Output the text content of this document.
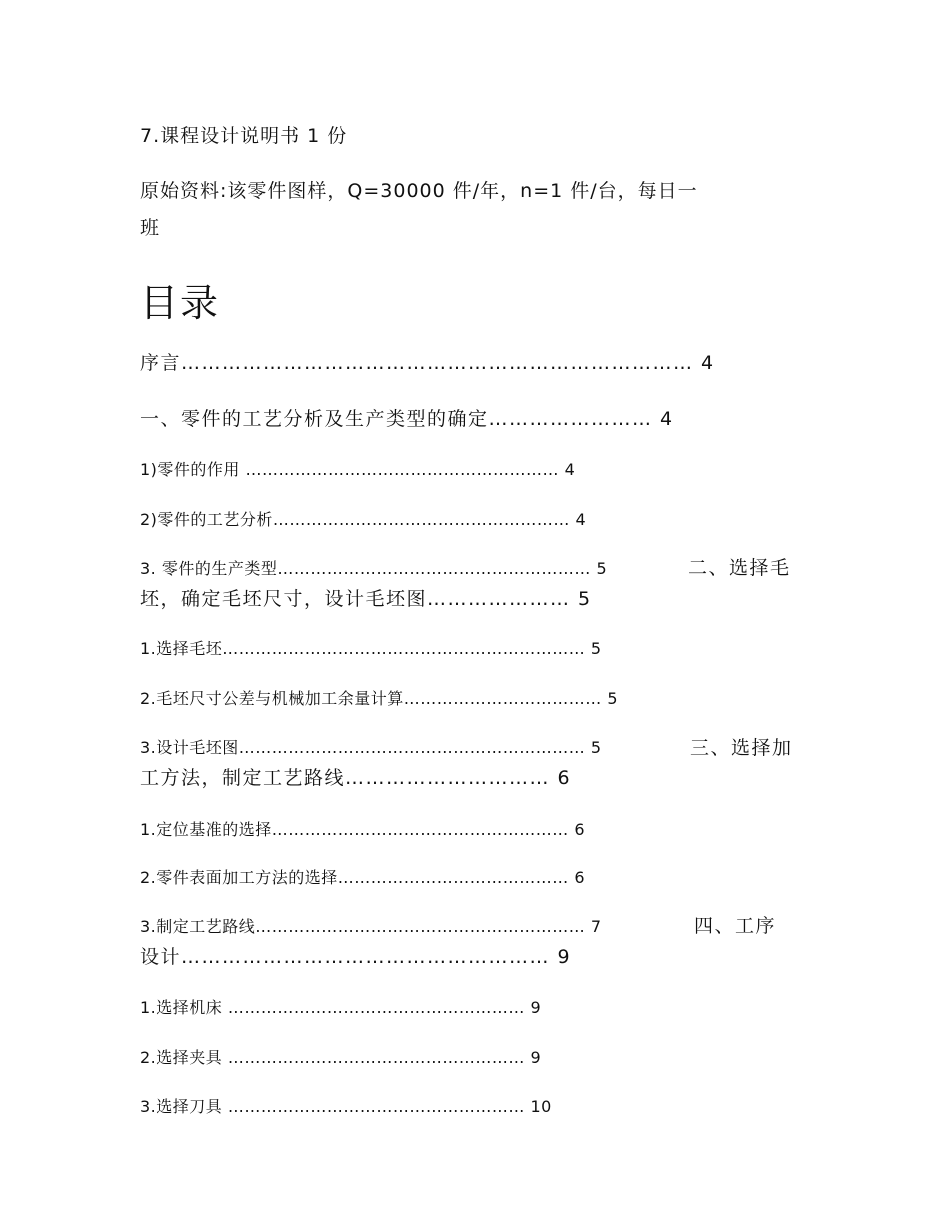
7.课程设计说明书 1 份
原始资料:该零件图样，Q=30000 件/年，n=1 件/台，每日一
班
目录
序言………………………………………………………………… 4
一、零件的工艺分析及生产类型的确定…………………… 4
1)零件的作用 ………………………………………………… 4
2)零件的工艺分析……………………………………………… 4
3. 零件的生产类型………………………………………………… 5	二、选择毛
坯，确定毛坯尺寸，设计毛坯图………………… 5
1.选择毛坯………………………………………………………… 5
2.毛坯尺寸公差与机械加工余量计算……………………………… 5
3.设计毛坯图……………………………………………………… 5	三、选择加
工方法，制定工艺路线………………………… 6
1.定位基准的选择……………………………………………… 6
2.零件表面加工方法的选择…………………………………… 6
3.制定工艺路线…………………………………………………… 7	四、工序
设计……………………………………………… 9
1.选择机床 ……………………………………………… 9
2.选择夹具 ……………………………………………… 9
3.选择刀具 ……………………………………………… 10
